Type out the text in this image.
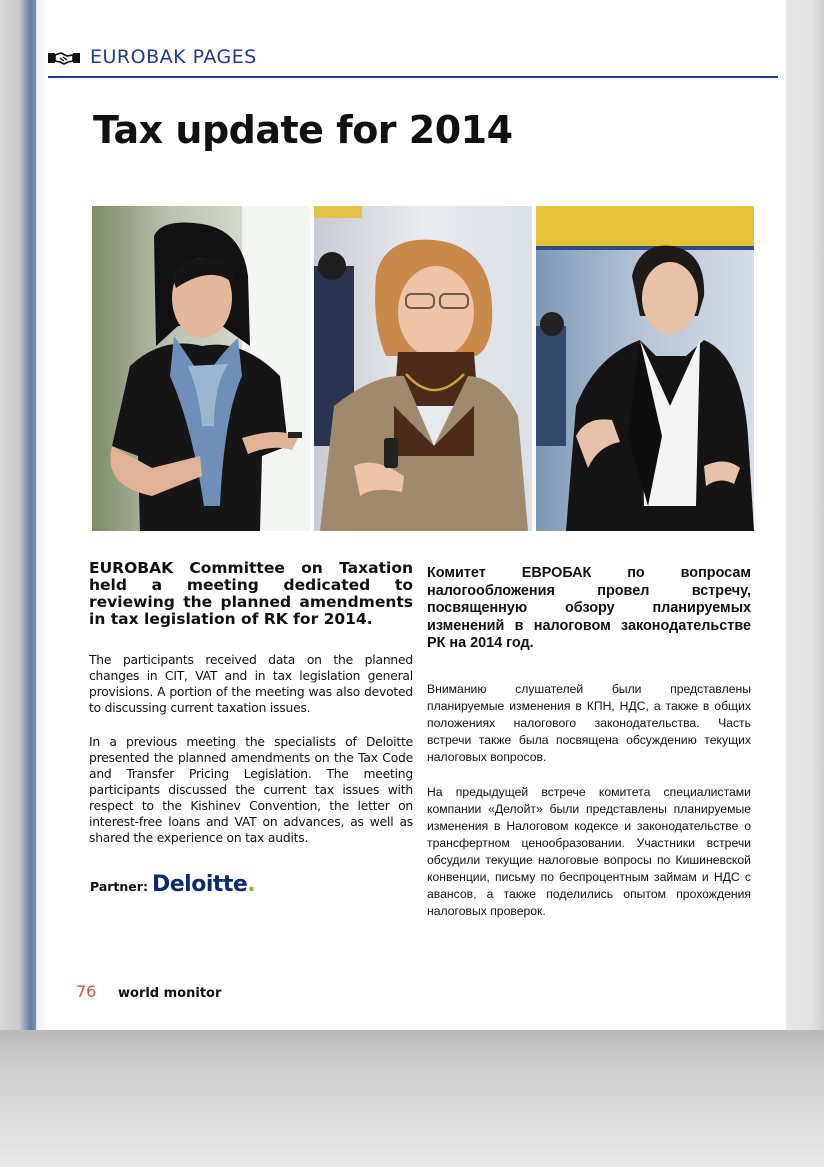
EUROBAK PAGES
Tax update for 2014

EUROBAK Committee on Taxation held a meeting dedicated to reviewing the planned amendments in tax legislation of RK for 2014.

The participants received data on the planned changes in CIT, VAT and in tax legislation general provisions. A portion of the meeting was also devoted to discussing current taxation issues.

In a previous meeting the specialists of Deloitte presented the planned amendments on the Tax Code and Transfer Pricing Legislation. The meeting participants discussed the current tax issues with respect to the Kishinev Convention, the letter on interest-free loans and VAT on advances, as well as shared the experience on tax audits.

Комитет ЕВРОБАК по вопросам налогообложения провел встречу, посвященную обзору планируемых изменений в налоговом законодательстве РК на 2014 год.

Вниманию слушателей были представлены планируемые изменения в КПН, НДС, а также в общих положениях налогового законодательства. Часть встречи также была посвящена обсуждению текущих налоговых вопросов.

На предыдущей встрече комитета специалистами компании «Делойт» были представлены планируемые изменения в Налоговом кодексе и законодательстве о трансфертном ценообразовании. Участники встречи обсудили текущие налоговые вопросы по Кишиневской конвенции, письму по беспроцентным займам и НДС с авансов, а также поделились опытом прохождения налоговых проверок.

Partner: Deloitte.
76 world monitor
